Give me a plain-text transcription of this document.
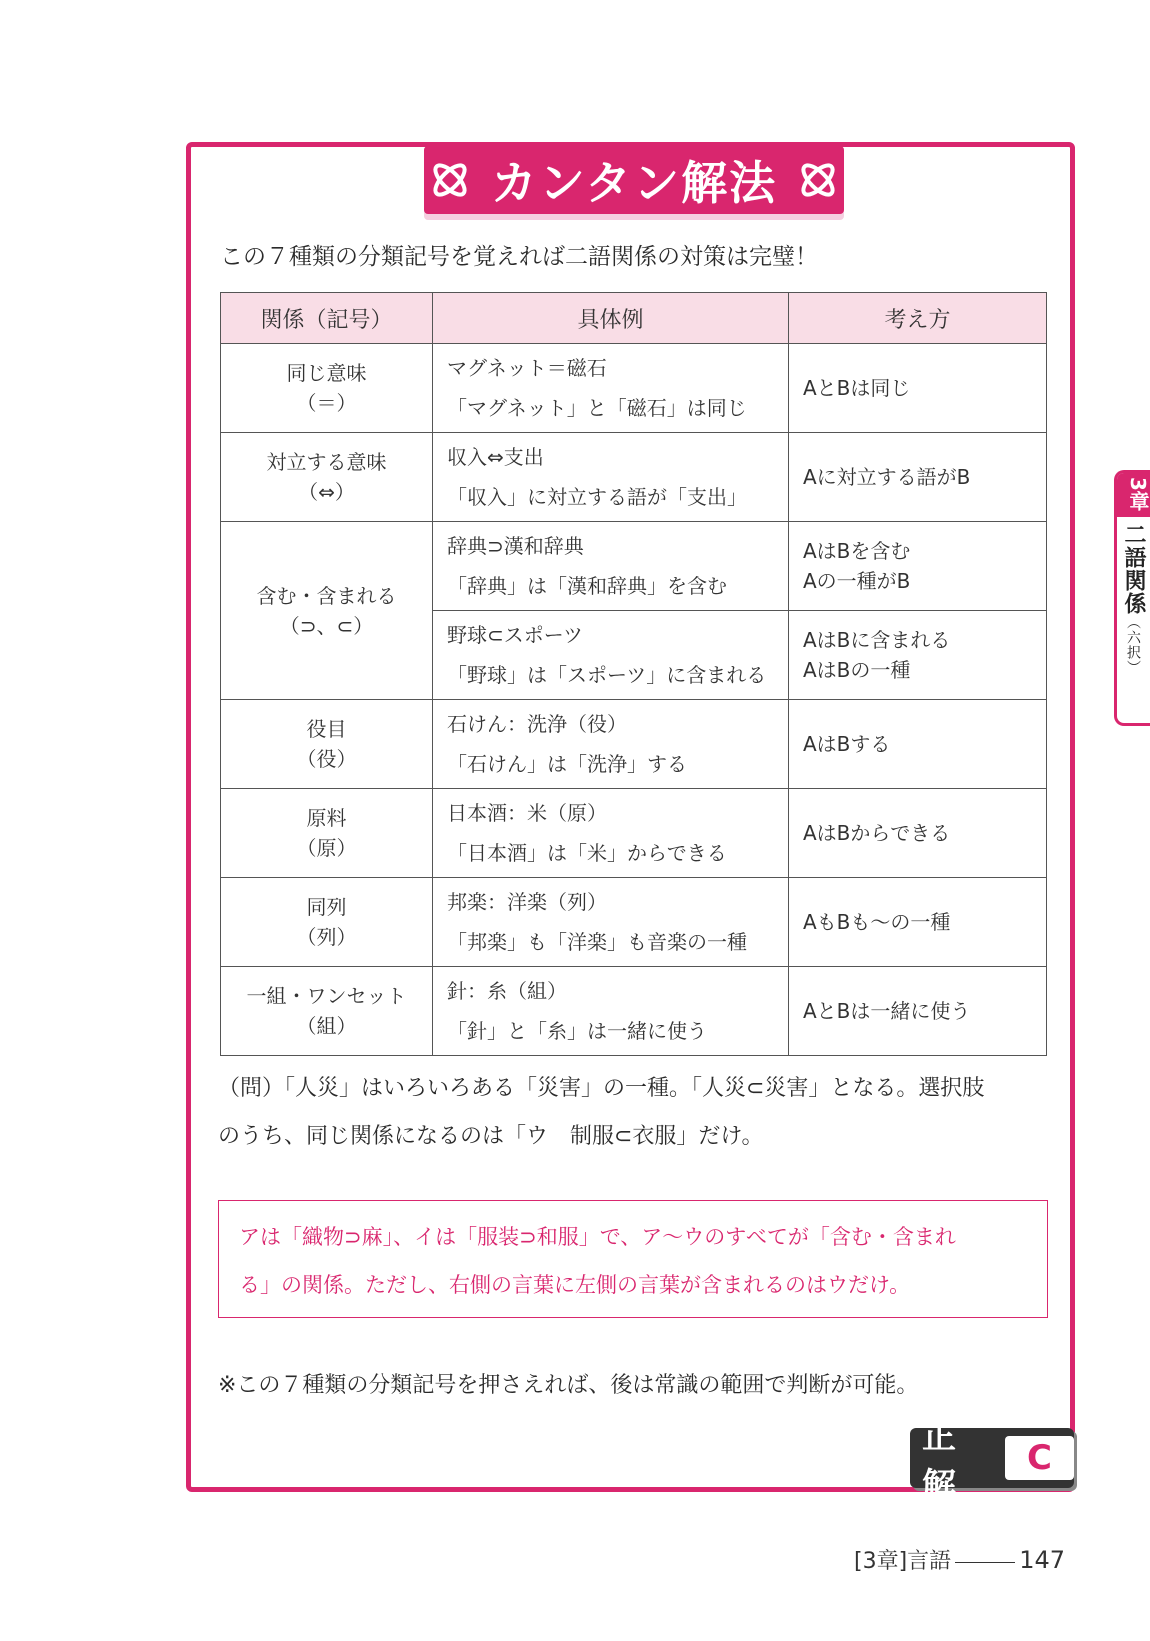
カンタン解法
この７種類の分類記号を覚えれば二語関係の対策は完璧！
関係（記号）	具体例	考え方
同じ意味
（＝）	マグネット＝磁石
「マグネット」と「磁石」は同じ	AとBは同じ
対立する意味
（⇔）	収入⇔支出
「収入」に対立する語が「支出」	Aに対立する語がB
含む・含まれる
（⊃、⊂）	辞典⊃漢和辞典
「辞典」は「漢和辞典」を含む	AはBを含む
Aの一種がB
	野球⊂スポーツ
「野球」は「スポーツ」に含まれる	AはBに含まれる
AはBの一種
役目
（役）	石けん：洗浄（役）
「石けん」は「洗浄」する	AはBする
原料
（原）	日本酒：米（原）
「日本酒」は「米」からできる	AはBからできる
同列
（列）	邦楽：洋楽（列）
「邦楽」も「洋楽」も音楽の一種	AもBも〜の一種
一組・ワンセット
（組）	針：糸（組）
「針」と「糸」は一緒に使う	AとBは一緒に使う
（問）「人災」はいろいろある「災害」の一種。「人災⊂災害」となる。選択肢
のうち、同じ関係になるのは「ウ　制服⊂衣服」だけ。
アは「織物⊃麻」、イは「服装⊃和服」で、ア〜ウのすべてが「含む・含まれ
る」の関係。ただし、右側の言葉に左側の言葉が含まれるのはウだけ。
※この７種類の分類記号を押さえれば、後は常識の範囲で判断が可能。
正解
C
3章
二語関係（六択）
[3章]言語	147
